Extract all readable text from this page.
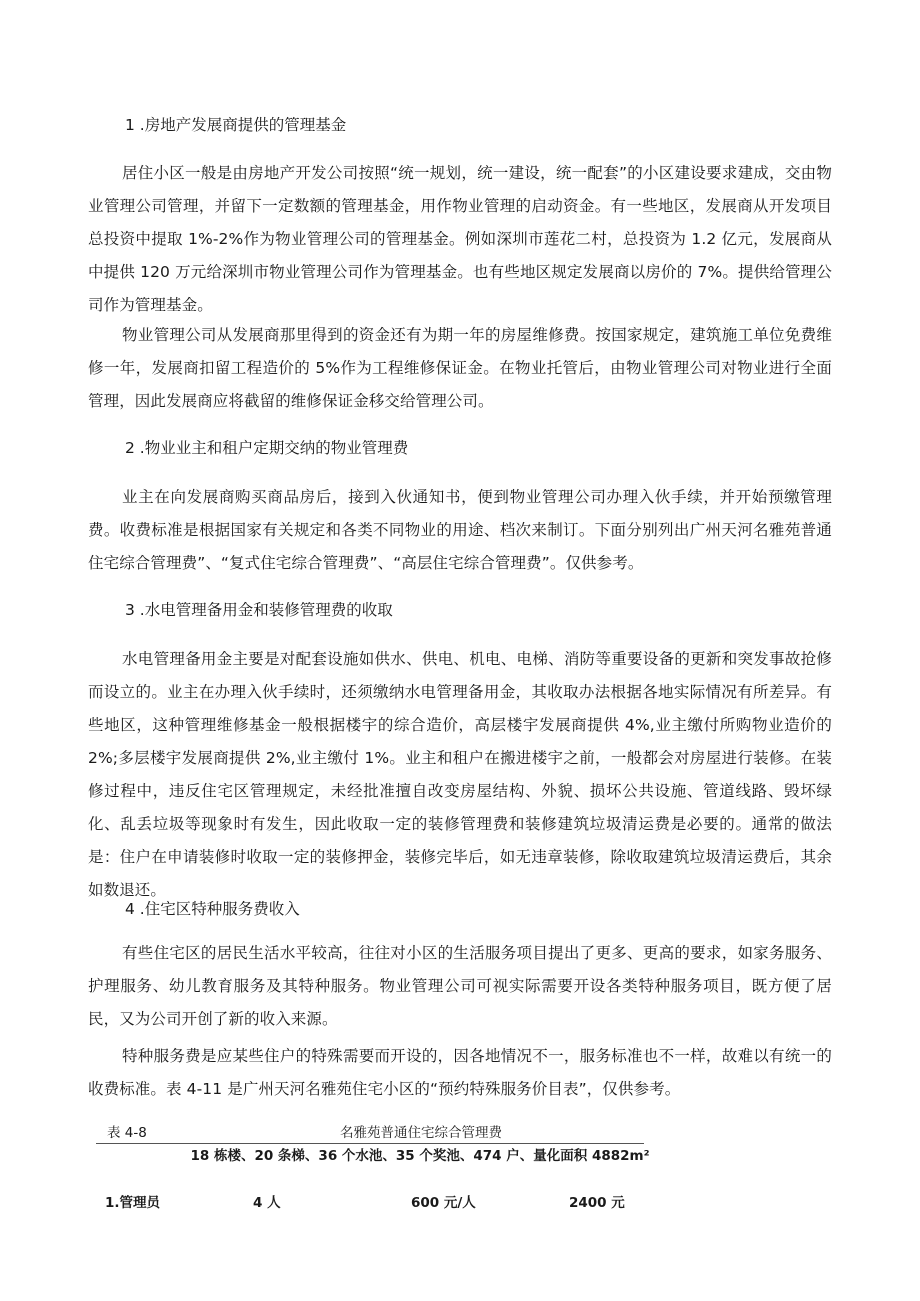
1 .房地产发展商提供的管理基金

居住小区一般是由房地产开发公司按照“统一规划，统一建设，统一配套”的小区建设要求建成，交由物业管理公司管理，并留下一定数额的管理基金，用作物业管理的启动资金。有一些地区，发展商从开发项目总投资中提取 1%-2%作为物业管理公司的管理基金。例如深圳市莲花二村，总投资为 1.2 亿元，发展商从中提供 120 万元给深圳市物业管理公司作为管理基金。也有些地区规定发展商以房价的 7%。提供给管理公司作为管理基金。

物业管理公司从发展商那里得到的资金还有为期一年的房屋维修费。按国家规定，建筑施工单位免费维修一年，发展商扣留工程造价的 5%作为工程维修保证金。在物业托管后，由物业管理公司对物业进行全面管理，因此发展商应将截留的维修保证金移交给管理公司。

2 .物业业主和租户定期交纳的物业管理费

业主在向发展商购买商品房后，接到入伙通知书，便到物业管理公司办理入伙手续，并开始预缴管理费。收费标准是根据国家有关规定和各类不同物业的用途、档次来制订。下面分别列出广州天河名雅苑普通住宅综合管理费”、“复式住宅综合管理费”、“高层住宅综合管理费”。仅供参考。

3 .水电管理备用金和装修管理费的收取

水电管理备用金主要是对配套设施如供水、供电、机电、电梯、消防等重要设备的更新和突发事故抢修而设立的。业主在办理入伙手续时，还须缴纳水电管理备用金，其收取办法根据各地实际情况有所差异。有些地区，这种管理维修基金一般根据楼宇的综合造价，高层楼宇发展商提供 4%,业主缴付所购物业造价的 2%;多层楼宇发展商提供 2%,业主缴付 1%。业主和租户在搬进楼宇之前，一般都会对房屋进行装修。在装修过程中，违反住宅区管理规定，未经批准擅自改变房屋结构、外貌、损坏公共设施、管道线路、毁坏绿化、乱丢垃圾等现象时有发生，因此收取一定的装修管理费和装修建筑垃圾清运费是必要的。通常的做法是：住户在申请装修时收取一定的装修押金，装修完毕后，如无违章装修，除收取建筑垃圾清运费后，其余如数退还。

4 .住宅区特种服务费收入

有些住宅区的居民生活水平较高，往往对小区的生活服务项目提出了更多、更高的要求，如家务服务、护理服务、幼儿教育服务及其特种服务。物业管理公司可视实际需要开设各类特种服务项目，既方便了居民，又为公司开创了新的收入来源。

特种服务费是应某些住户的特殊需要而开设的，因各地情况不一，服务标准也不一样，故难以有统一的收费标准。表 4-11 是广州天河名雅苑住宅小区的“预约特殊服务价目表”，仅供参考。

表 4-8	名雅苑普通住宅综合管理费
18 栋楼、20 条梯、36 个水池、35 个奖池、474 户、量化面积 4882m²
1.管理员	4 人	600 元/人	2400 元
